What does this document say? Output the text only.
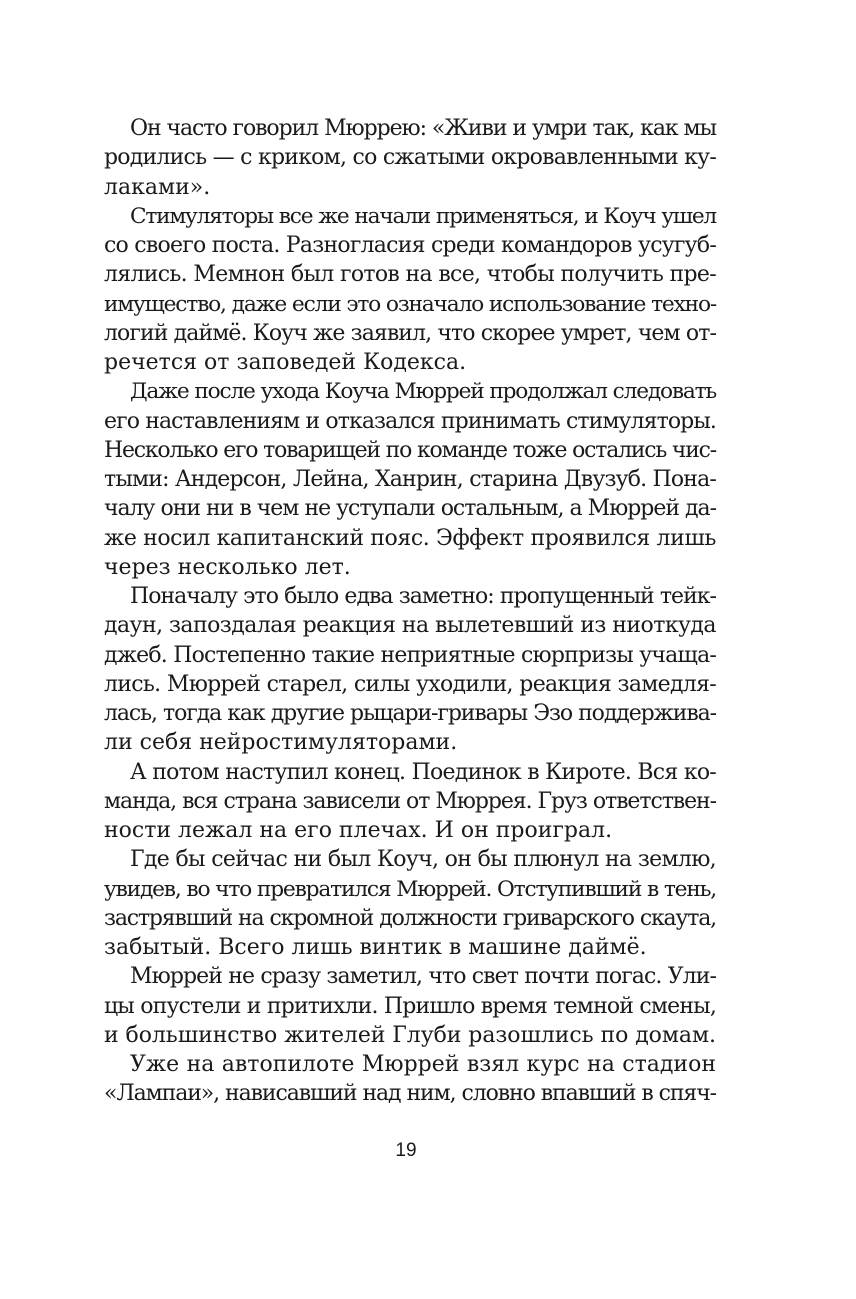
Он часто говорил Мюррею: «Живи и умри так, как мы
родились — с криком, со сжатыми окровавленными ку-
лаками».
Стимуляторы все же начали применяться, и Коуч ушел
со своего поста. Разногласия среди командоров усугуб-
лялись. Мемнон был готов на все, чтобы получить пре-
имущество, даже если это означало использование техно-
логий даймё. Коуч же заявил, что скорее умрет, чем от-
речется от заповедей Кодекса.
Даже после ухода Коуча Мюррей продолжал следовать
его наставлениям и отказался принимать стимуляторы.
Несколько его товарищей по команде тоже остались чис-
тыми: Андерсон, Лейна, Ханрин, старина Двузуб. Пона-
чалу они ни в чем не уступали остальным, а Мюррей да-
же носил капитанский пояс. Эффект проявился лишь
через несколько лет.
Поначалу это было едва заметно: пропущенный тейк-
даун, запоздалая реакция на вылетевший из ниоткуда
джеб. Постепенно такие неприятные сюрпризы учаща-
лись. Мюррей старел, силы уходили, реакция замедля-
лась, тогда как другие рыцари-гривары Эзо поддержива-
ли себя нейростимуляторами.
А потом наступил конец. Поединок в Кироте. Вся ко-
манда, вся страна зависели от Мюррея. Груз ответствен-
ности лежал на его плечах. И он проиграл.
Где бы сейчас ни был Коуч, он бы плюнул на землю,
увидев, во что превратился Мюррей. Отступивший в тень,
застрявший на скромной должности гриварского скаута,
забытый. Всего лишь винтик в машине даймё.
Мюррей не сразу заметил, что свет почти погас. Ули-
цы опустели и притихли. Пришло время темной смены,
и большинство жителей Глуби разошлись по домам.
Уже на автопилоте Мюррей взял курс на стадион
«Лампаи», нависавший над ним, словно впавший в спяч-
19
